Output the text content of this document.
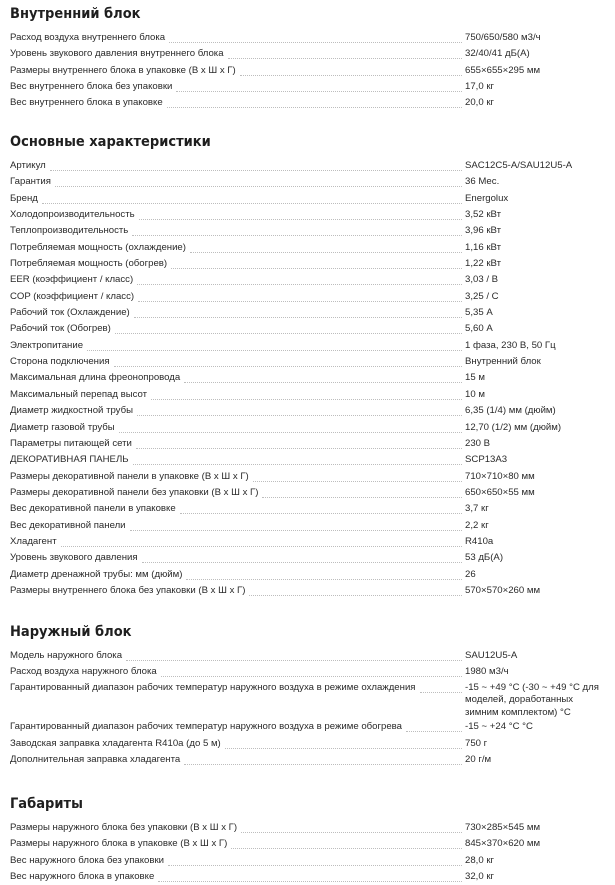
Внутренний блок
Расход воздуха внутреннего блока	750/650/580 м3/ч
Уровень звукового давления внутреннего блока	32/40/41 дБ(А)
Размеры внутреннего блока в упаковке (В х Ш х Г)	655×655×295 мм
Вес внутреннего блока без упаковки	17,0 кг
Вес внутреннего блока в упаковке	20,0 кг
Основные характеристики
Артикул	SAC12C5-A/SAU12U5-A
Гарантия	36 Мес.
Бренд	Energolux
Холодопроизводительность	3,52 кВт
Теплопроизводительность	3,96 кВт
Потребляемая мощность (охлаждение)	1,16 кВт
Потребляемая мощность (обогрев)	1,22 кВт
EER (коэффициент / класс)	3,03 / B
COP (коэффициент / класс)	3,25 / C
Рабочий ток (Охлаждение)	5,35 А
Рабочий ток (Обогрев)	5,60 А
Электропитание	1 фаза, 230 В, 50 Гц
Сторона подключения	Внутренний блок
Максимальная длина фреонопровода	15 м
Максимальный перепад высот	10 м
Диаметр жидкостной трубы	6,35 (1/4) мм (дюйм)
Диаметр газовой трубы	12,70 (1/2) мм (дюйм)
Параметры питающей сети	230 В
ДЕКОРАТИВНАЯ ПАНЕЛЬ	SCP13A3
Размеры декоративной панели в упаковке (В х Ш х Г)	710×710×80 мм
Размеры декоративной панели без упаковки (В х Ш х Г)	650×650×55 мм
Вес декоративной панели в упаковке	3,7 кг
Вес декоративной панели	2,2 кг
Хладагент	R410a
Уровень звукового давления	53 дБ(А)
Диаметр дренажной трубы: мм (дюйм)	26
Размеры внутреннего блока без упаковки (В х Ш х Г)	570×570×260 мм
Наружный блок
Модель наружного блока	SAU12U5-A
Расход воздуха наружного блока	1980 м3/ч
Гарантированный диапазон рабочих температур наружного воздуха в режиме охлаждения	-15 ~ +49 °C (-30 ~ +49 °C для моделей, доработанных зимним комплектом) °C
Гарантированный диапазон рабочих температур наружного воздуха в режиме обогрева	-15 ~ +24 °C °C
Заводская заправка хладагента R410a (до 5 м)	750 г
Дополнительная заправка хладагента	20 г/м
Габариты
Размеры наружного блока без упаковки (В х Ш х Г)	730×285×545 мм
Размеры наружного блока в упаковке (В х Ш х Г)	845×370×620 мм
Вес наружного блока без упаковки	28,0 кг
Вес наружного блока в упаковке	32,0 кг
